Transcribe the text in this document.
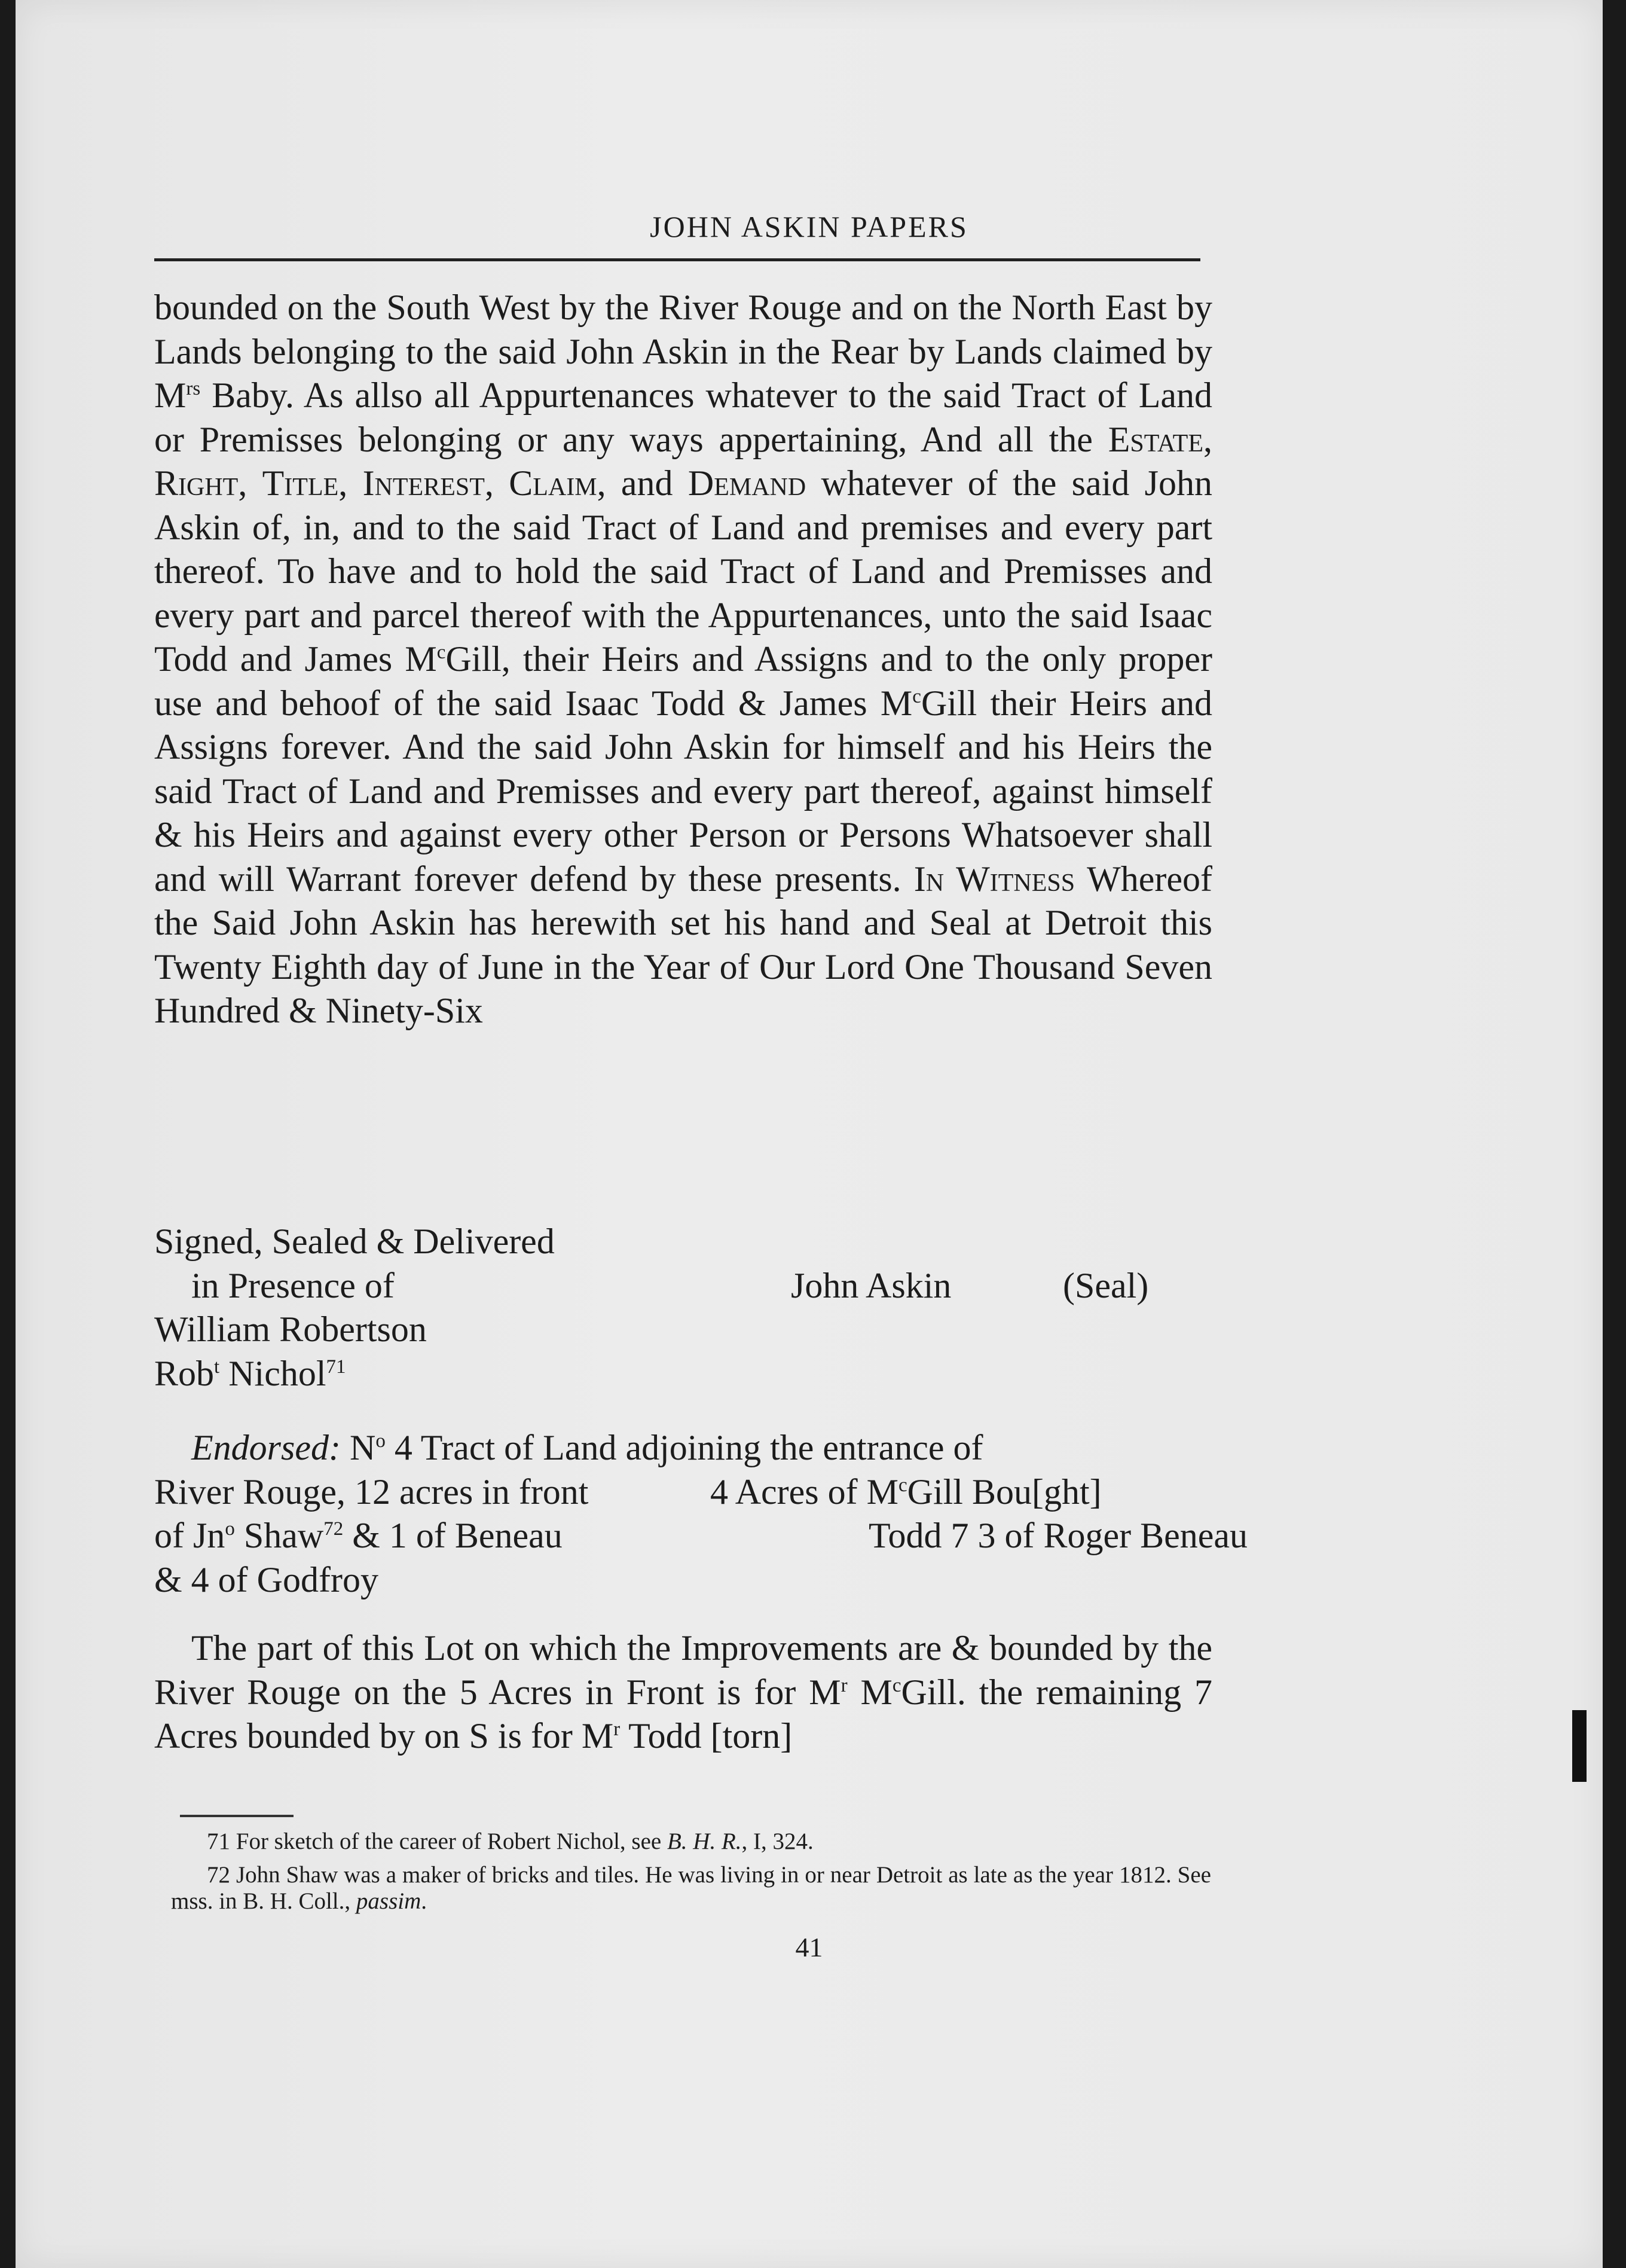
JOHN ASKIN PAPERS

bounded on the South West by the River Rouge and on the North East by Lands belonging to the said John Askin in the Rear by Lands claimed by $M^{rs}$ Baby. As allso all Appurtenances whatever to the said Tract of Land or Premisses belonging or any ways appertaining, And all the Estate, Right, Title, Interest, Claim, and Demand whatever of the said John Askin of, in, and to the said Tract of Land and premises and every part thereof. To have and to hold the said Tract of Land and Premisses and every part and parcel thereof with the Appurtenances, unto the said Isaac Todd and James $M^cGill$, their Heirs and Assigns and to the only proper use and behoof of the said Isaac Todd & James $M^cGill$ their Heirs and Assigns forever. And the said John Askin for himself and his Heirs the said Tract of Land and Premisses and every part thereof, against himself & his Heirs and against every other Person or Persons Whatsoever shall and will Warrant forever defend by these presents. In Witness Whereof the Said John Askin has herewith set his hand and Seal at Detroit this Twenty Eighth day of June in the Year of Our Lord One Thousand Seven Hundred & Ninety-Six

Signed, Sealed & Delivered
in Presence of	John Askin	(Seal)
William Robertson
Rob$^t$ Nichol$^{71}$
Endorsed: $N^o$ 4 Tract of Land adjoining the entrance of
River Rouge, 12 acres in front	4 Acres of $M^cGill$ Bou[ght]
of Jn$^o$ Shaw$^{72}$ & 1 of Beneau	Todd 7 3 of Roger Beneau
& 4 of Godfroy

The part of this Lot on which the Improvements are & bounded by the River Rouge on the 5 Acres in Front is for $M^r$ $M^cGill$. the remaining 7 Acres bounded by on S is for $M^r$ Todd [torn]

71 For sketch of the career of Robert Nichol, see B. H. R., I, 324.

72 John Shaw was a maker of bricks and tiles. He was living in or near Detroit as late as the year 1812. See mss. in B. H. Coll., passim.

41
